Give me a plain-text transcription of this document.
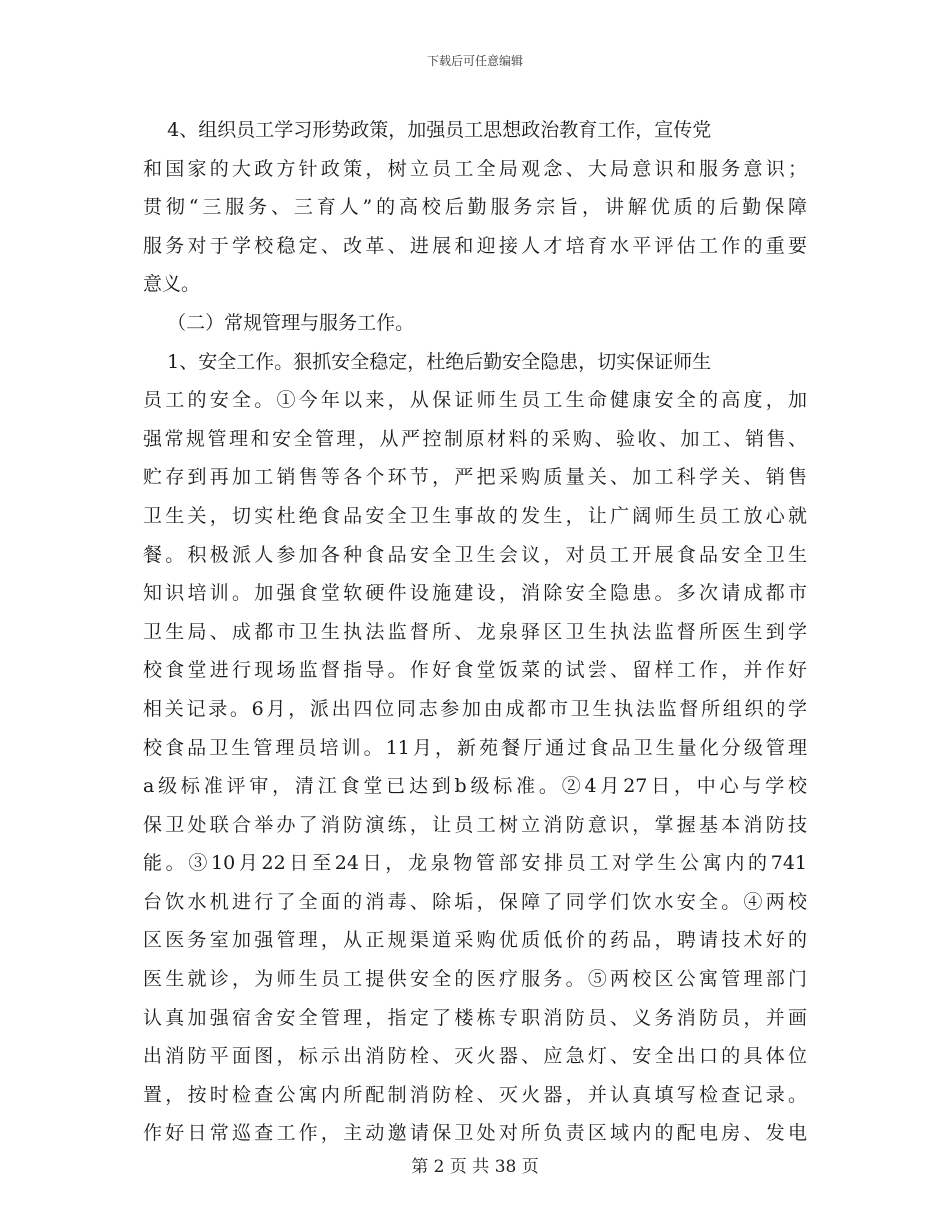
下载后可任意编辑
4、组织员工学习形势政策，加强员工思想政治教育工作，宣传党
和国家的大政方针政策，树立员工全局观念、大局意识和服务意识；
贯彻“三服务、三育人”的高校后勤服务宗旨，讲解优质的后勤保障
服务对于学校稳定、改革、进展和迎接人才培育水平评估工作的重要
意义。
（二）常规管理与服务工作。
1、安全工作。狠抓安全稳定，杜绝后勤安全隐患，切实保证师生
员工的安全。①今年以来，从保证师生员工生命健康安全的高度，加
强常规管理和安全管理，从严控制原材料的采购、验收、加工、销售、
贮存到再加工销售等各个环节，严把采购质量关、加工科学关、销售
卫生关，切实杜绝食品安全卫生事故的发生，让广阔师生员工放心就
餐。积极派人参加各种食品安全卫生会议，对员工开展食品安全卫生
知识培训。加强食堂软硬件设施建设，消除安全隐患。多次请成都市
卫生局、成都市卫生执法监督所、龙泉驿区卫生执法监督所医生到学
校食堂进行现场监督指导。作好食堂饭菜的试尝、留样工作，并作好
相关记录。6月，派出四位同志参加由成都市卫生执法监督所组织的学
校食品卫生管理员培训。11月，新苑餐厅通过食品卫生量化分级管理
a级标准评审，清江食堂已达到b级标准。②4月27日，中心与学校
保卫处联合举办了消防演练，让员工树立消防意识，掌握基本消防技
能。③10月22日至24日，龙泉物管部安排员工对学生公寓内的741
台饮水机进行了全面的消毒、除垢，保障了同学们饮水安全。④两校
区医务室加强管理，从正规渠道采购优质低价的药品，聘请技术好的
医生就诊，为师生员工提供安全的医疗服务。⑤两校区公寓管理部门
认真加强宿舍安全管理，指定了楼栋专职消防员、义务消防员，并画
出消防平面图，标示出消防栓、灭火器、应急灯、安全出口的具体位
置，按时检查公寓内所配制消防栓、灭火器，并认真填写检查记录。
作好日常巡查工作，主动邀请保卫处对所负责区域内的配电房、发电
第 2 页 共 38 页
